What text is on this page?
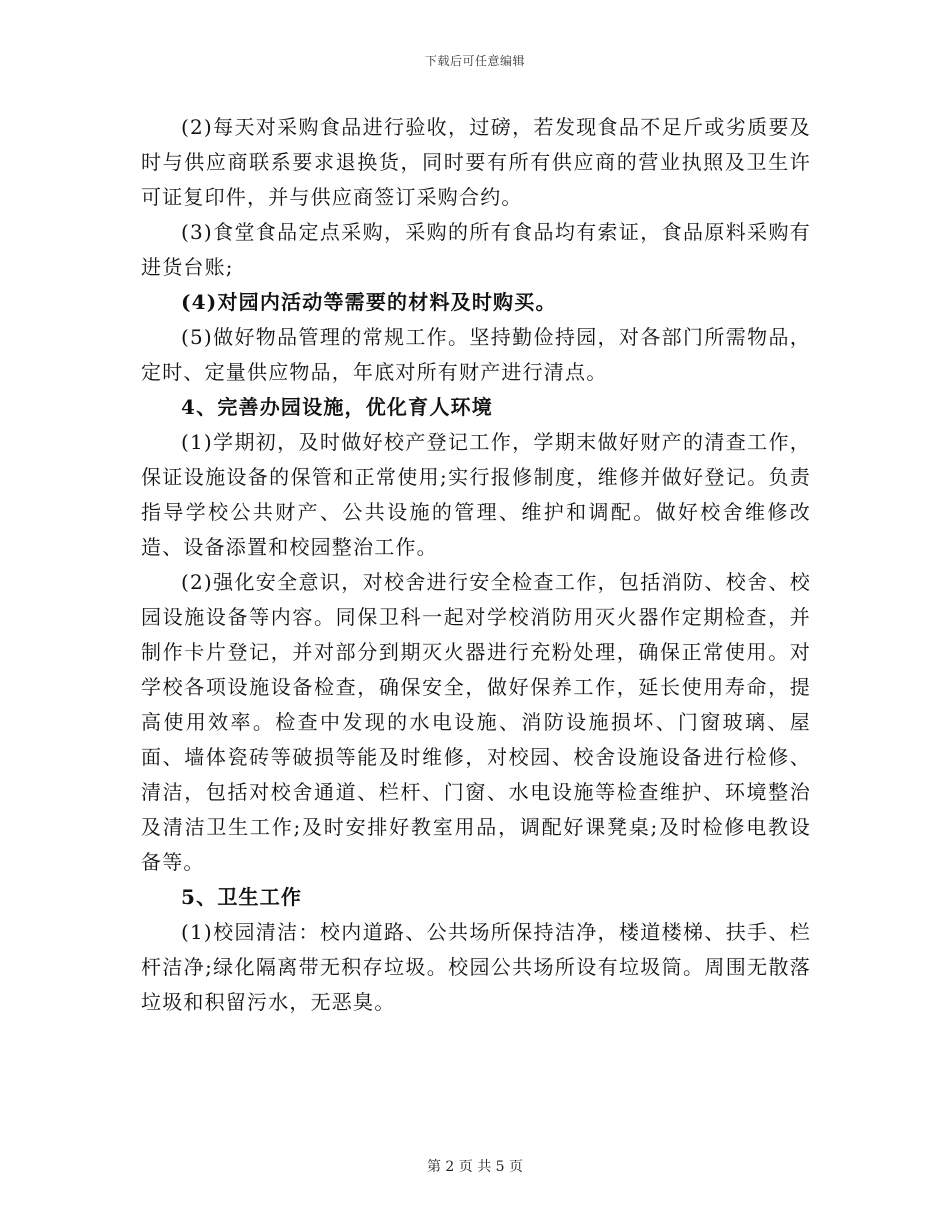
下载后可任意编辑

(2)每天对采购食品进行验收，过磅，若发现食品不足斤或劣质要及时与供应商联系要求退换货，同时要有所有供应商的营业执照及卫生许可证复印件，并与供应商签订采购合约。

(3)食堂食品定点采购，采购的所有食品均有索证，食品原料采购有进货台账;

(4)对园内活动等需要的材料及时购买。

(5)做好物品管理的常规工作。坚持勤俭持园，对各部门所需物品，定时、定量供应物品，年底对所有财产进行清点。

4、完善办园设施，优化育人环境

(1)学期初，及时做好校产登记工作，学期末做好财产的清查工作，保证设施设备的保管和正常使用;实行报修制度，维修并做好登记。负责指导学校公共财产、公共设施的管理、维护和调配。做好校舍维修改造、设备添置和校园整治工作。

(2)强化安全意识，对校舍进行安全检查工作，包括消防、校舍、校园设施设备等内容。同保卫科一起对学校消防用灭火器作定期检查，并制作卡片登记，并对部分到期灭火器进行充粉处理，确保正常使用。对学校各项设施设备检查，确保安全，做好保养工作，延长使用寿命，提高使用效率。检查中发现的水电设施、消防设施损坏、门窗玻璃、屋面、墙体瓷砖等破损等能及时维修，对校园、校舍设施设备进行检修、清洁，包括对校舍通道、栏杆、门窗、水电设施等检查维护、环境整治及清洁卫生工作;及时安排好教室用品，调配好课凳桌;及时检修电教设备等。

5、卫生工作

(1)校园清洁：校内道路、公共场所保持洁净，楼道楼梯、扶手、栏杆洁净;绿化隔离带无积存垃圾。校园公共场所设有垃圾筒。周围无散落垃圾和积留污水，无恶臭。

第 2 页 共 5 页
